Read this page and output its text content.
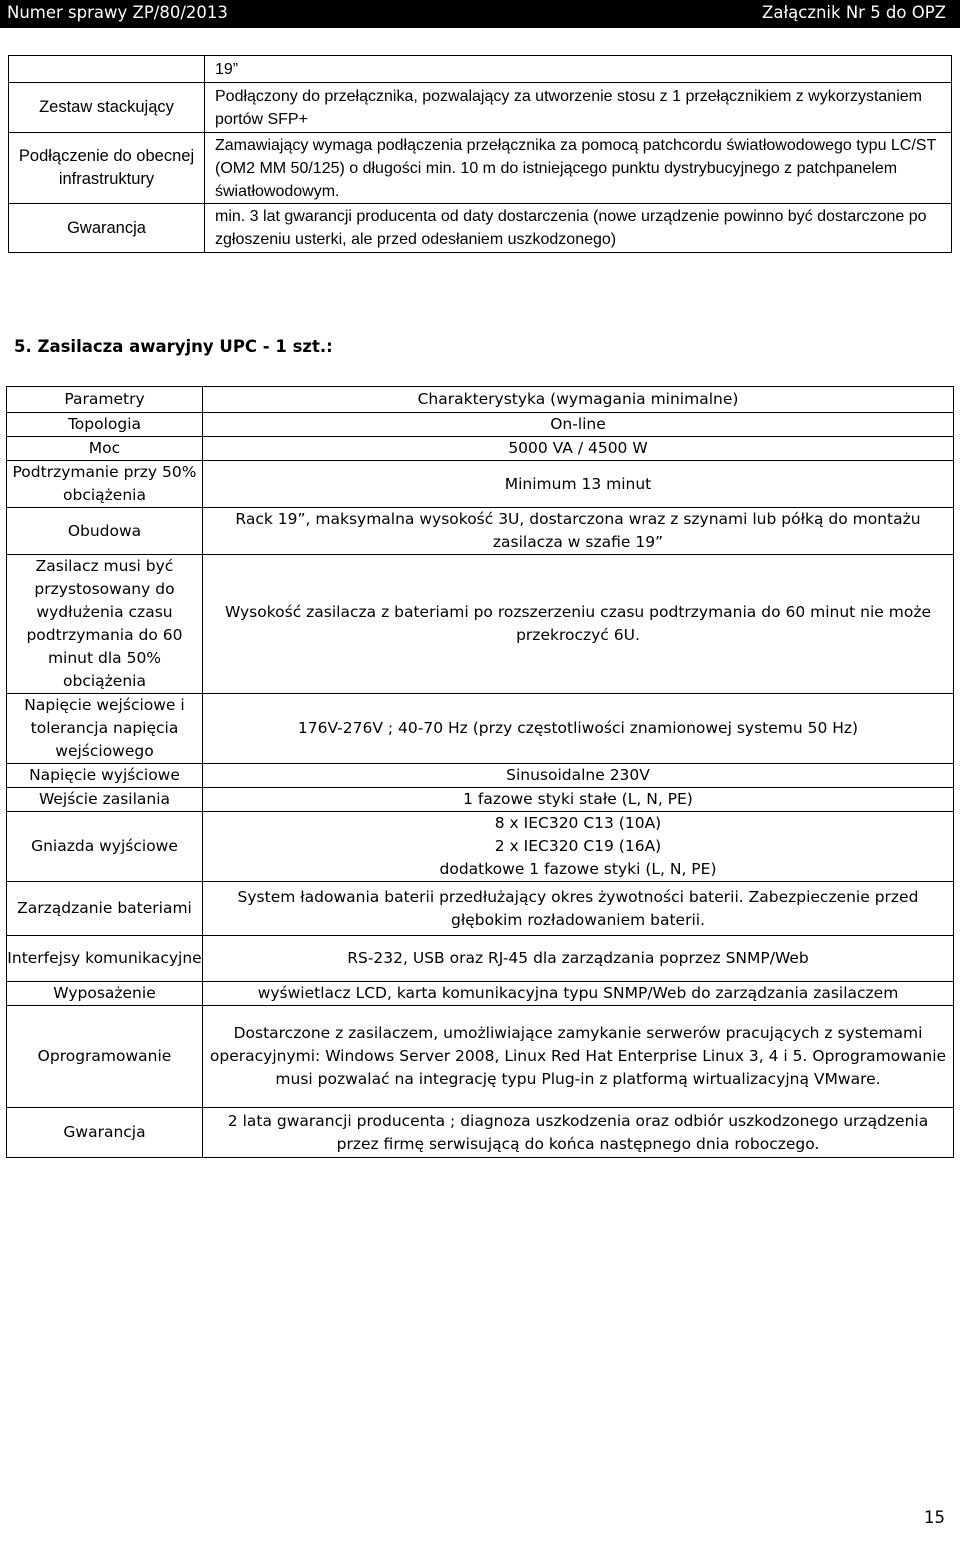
Numer sprawy ZP/80/2013	Załącznik Nr 5 do OPZ
	19”
Zestaw stackujący	Podłączony do przełącznika, pozwalający za utworzenie stosu z 1 przełącznikiem z wykorzystaniem portów SFP+
Podłączenie do obecnej infrastruktury	Zamawiający wymaga podłączenia przełącznika za pomocą patchcordu światłowodowego typu LC/ST (OM2 MM 50/125) o długości min. 10 m do istniejącego punktu dystrybucyjnego z patchpanelem światłowodowym.
Gwarancja	min. 3 lat gwarancji producenta od daty dostarczenia (nowe urządzenie powinno być dostarczone po zgłoszeniu usterki, ale przed odesłaniem uszkodzonego)
5. Zasilacza awaryjny UPC - 1 szt.:
Parametry	Charakterystyka (wymagania minimalne)
Topologia	On-line
Moc	5000 VA / 4500 W
Podtrzymanie przy 50% obciążenia	Minimum 13 minut
Obudowa	Rack 19”, maksymalna wysokość 3U, dostarczona wraz z szynami lub półką do montażu zasilacza w szafie 19”
Zasilacz musi być przystosowany do wydłużenia czasu podtrzymania do 60 minut dla 50% obciążenia	Wysokość zasilacza z bateriami po rozszerzeniu czasu podtrzymania do 60 minut nie może przekroczyć 6U.
Napięcie wejściowe i tolerancja napięcia wejściowego	176V-276V ; 40-70 Hz (przy częstotliwości znamionowej systemu 50 Hz)
Napięcie wyjściowe	Sinusoidalne 230V
Wejście zasilania	1 fazowe styki stałe (L, N, PE)
Gniazda wyjściowe	8 x IEC320 C13 (10A)
2 x IEC320 C19 (16A)
dodatkowe 1 fazowe styki (L, N, PE)

Zarządzanie bateriami	System ładowania baterii przedłużający okres żywotności baterii. Zabezpieczenie przed głębokim rozładowaniem baterii.
Interfejsy komunikacyjne	RS-232, USB oraz RJ-45 dla zarządzania poprzez SNMP/Web
Wyposażenie	wyświetlacz LCD, karta komunikacyjna typu SNMP/Web do zarządzania zasilaczem
Oprogramowanie	Dostarczone z zasilaczem, umożliwiające zamykanie serwerów pracujących z systemami operacyjnymi: Windows Server 2008, Linux Red Hat Enterprise Linux 3, 4 i 5. Oprogramowanie musi pozwalać na integrację typu Plug-in z platformą wirtualizacyjną VMware.
Gwarancja	2 lata gwarancji producenta ; diagnoza uszkodzenia oraz odbiór uszkodzonego urządzenia przez firmę serwisującą do końca następnego dnia roboczego.
15
